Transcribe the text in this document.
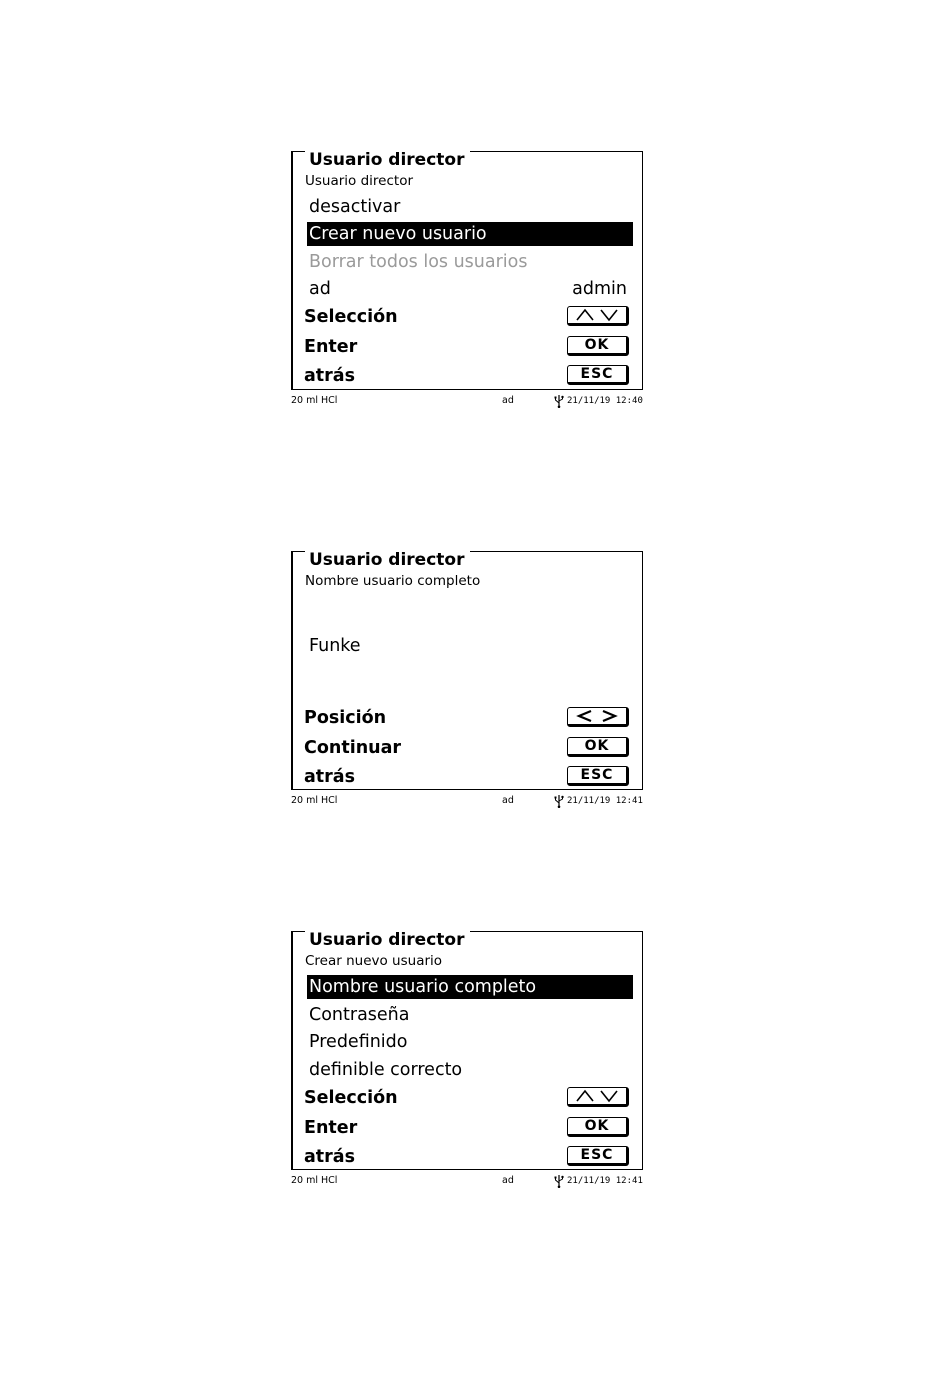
Usuario director
Usuario director
desactivar
Crear nuevo usuario
Borrar todos los usuarios
ad	admin
Selección
Enter	OK
atrás	ESC
20 ml HCl	ad	21/11/19 12:40
Usuario director
Nombre usuario completo
Funke
Posición
Continuar	OK
atrás	ESC
20 ml HCl	ad	21/11/19 12:41
Usuario director
Crear nuevo usuario
Nombre usuario completo
Contraseña
Predefinido
definible correcto
Selección
Enter	OK
atrás	ESC
20 ml HCl	ad	21/11/19 12:41
